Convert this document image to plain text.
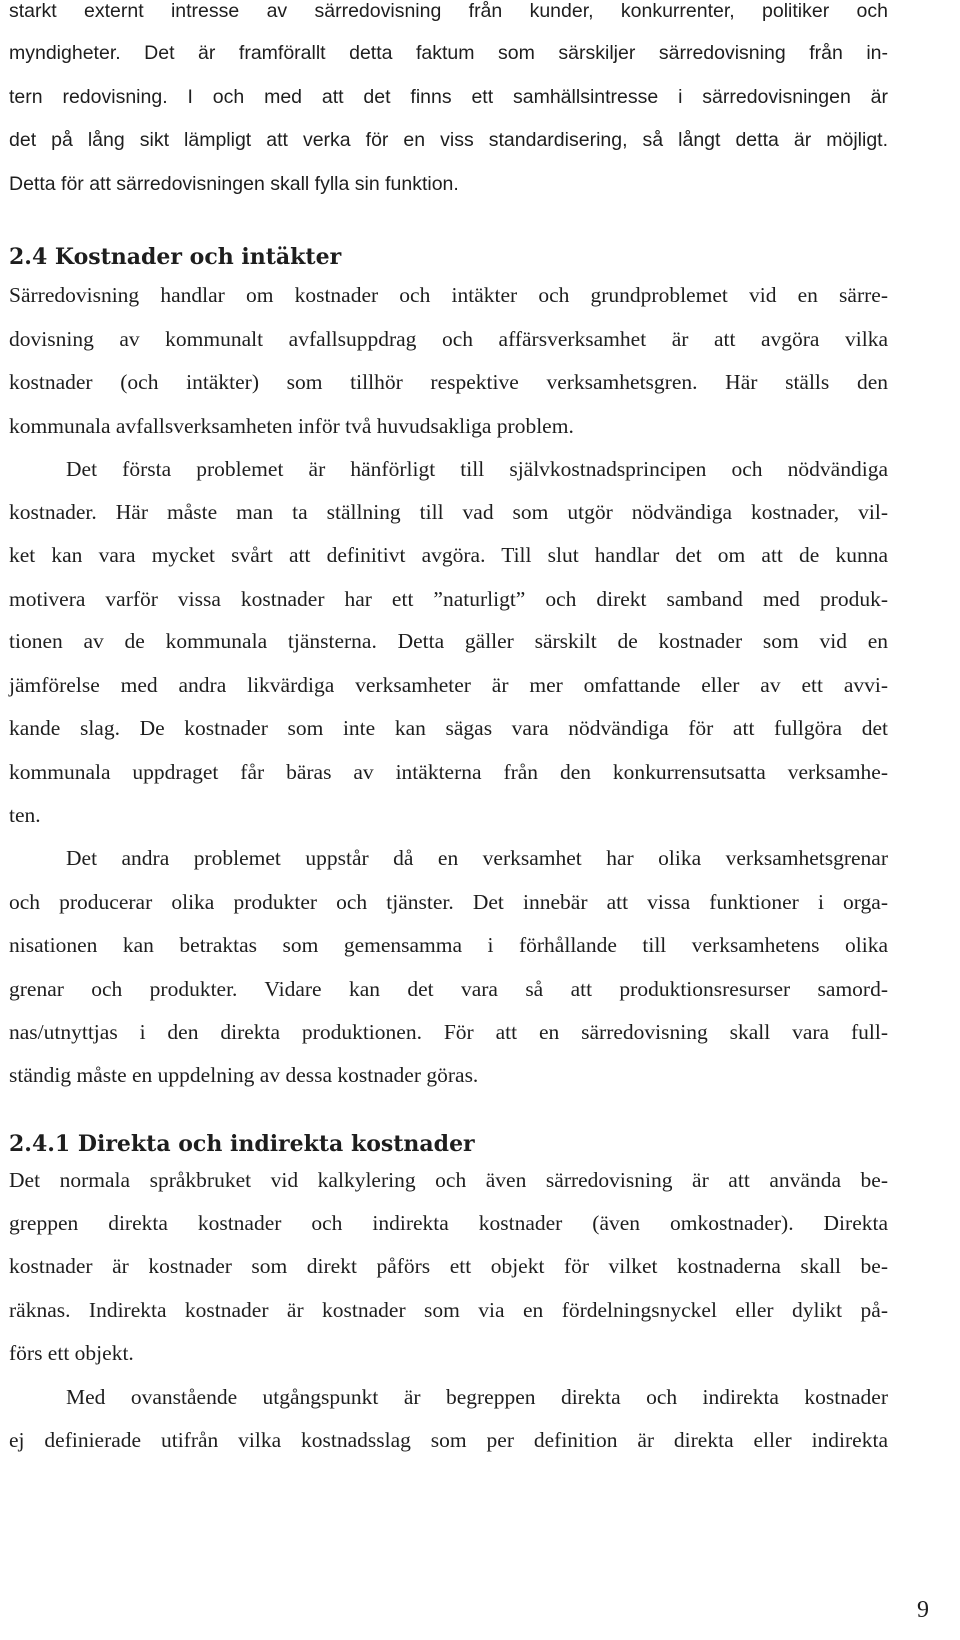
starkt externt intresse av särredovisning från kunder, konkurrenter, politiker och
myndigheter. Det är framförallt detta faktum som särskiljer särredovisning från in-
tern redovisning. I och med att det finns ett samhällsintresse i särredovisningen är
det på lång sikt lämpligt att verka för en viss standardisering, så långt detta är möjligt.
Detta för att särredovisningen skall fylla sin funktion.
2.4 Kostnader och intäkter
Särredovisning handlar om kostnader och intäkter och grundproblemet vid en särre-
dovisning av kommunalt avfallsuppdrag och affärsverksamhet är att avgöra vilka
kostnader (och intäkter) som tillhör respektive verksamhetsgren. Här ställs den
kommunala avfallsverksamheten inför två huvudsakliga problem.
Det första problemet är hänförligt till självkostnadsprincipen och nödvändiga
kostnader. Här måste man ta ställning till vad som utgör nödvändiga kostnader, vil-
ket kan vara mycket svårt att definitivt avgöra. Till slut handlar det om att de kunna
motivera varför vissa kostnader har ett ”naturligt” och direkt samband med produk-
tionen av de kommunala tjänsterna. Detta gäller särskilt de kostnader som vid en
jämförelse med andra likvärdiga verksamheter är mer omfattande eller av ett avvi-
kande slag. De kostnader som inte kan sägas vara nödvändiga för att fullgöra det
kommunala uppdraget får bäras av intäkterna från den konkurrensutsatta verksamhe-
ten.
Det andra problemet uppstår då en verksamhet har olika verksamhetsgrenar
och producerar olika produkter och tjänster. Det innebär att vissa funktioner i orga-
nisationen kan betraktas som gemensamma i förhållande till verksamhetens olika
grenar och produkter. Vidare kan det vara så att produktionsresurser samord-
nas/utnyttjas i den direkta produktionen. För att en särredovisning skall vara full-
ständig måste en uppdelning av dessa kostnader göras.
2.4.1 Direkta och indirekta kostnader
Det normala språkbruket vid kalkylering och även särredovisning är att använda be-
greppen direkta kostnader och indirekta kostnader (även omkostnader). Direkta
kostnader är kostnader som direkt påförs ett objekt för vilket kostnaderna skall be-
räknas. Indirekta kostnader är kostnader som via en fördelningsnyckel eller dylikt på-
förs ett objekt.
Med ovanstående utgångspunkt är begreppen direkta och indirekta kostnader
ej definierade utifrån vilka kostnadsslag som per definition är direkta eller indirekta
9
